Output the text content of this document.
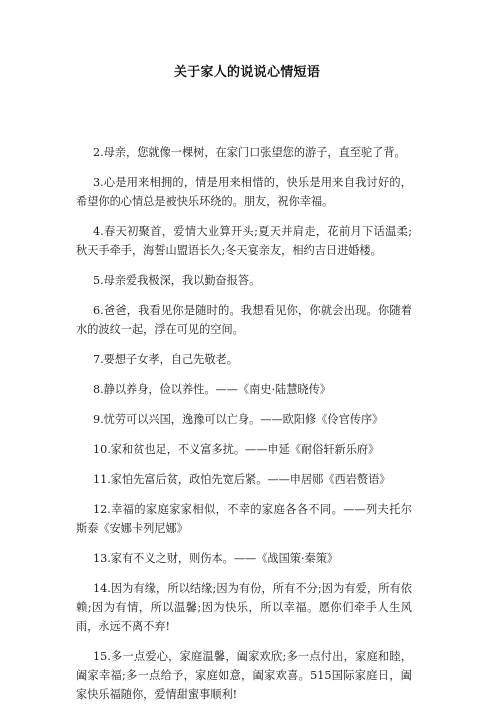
关于家人的说说心情短语

2.母亲，您就像一棵树，在家门口张望您的游子，直至驼了背。

3.心是用来相拥的，情是用来相惜的，快乐是用来自我讨好的，希望你的心情总是被快乐环绕的。朋友，祝你幸福。

4.春天初聚首，爱情大业算开头;夏天并肩走，花前月下话温柔;秋天手牵手，海誓山盟语长久;冬天宴亲友，相约吉日进婚楼。

5.母亲爱我极深，我以勤奋报答。

6.爸爸，我看见你是随时的。我想看见你，你就会出现。你随着水的波纹一起，浮在可见的空间。

7.要想子女孝，自己先敬老。

8.静以养身，俭以养性。——《南史·陆慧晓传》

9.忧劳可以兴国，逸豫可以亡身。——欧阳修《伶官传序》

10.家和贫也足，不义富多扰。——申延《耐俗轩新乐府》

11.家怕先富后贫，政怕先宽后紧。——申居郧《西岩赘语》

12.幸福的家庭家家相似，不幸的家庭各各不同。——列夫托尔斯泰《安娜卡列尼娜》

13.家有不义之财，则伤本。——《战国策·秦策》

14.因为有缘，所以结缘;因为有份，所有不分;因为有爱，所有依赖;因为有情，所以温馨;因为快乐，所以幸福。愿你们牵手人生风雨，永远不离不弃!

15.多一点爱心，家庭温馨，阖家欢欣;多一点付出，家庭和睦，阖家幸福;多一点给予，家庭如意，阖家欢喜。515国际家庭日，阖家快乐福随你，爱情甜蜜事顺利!
